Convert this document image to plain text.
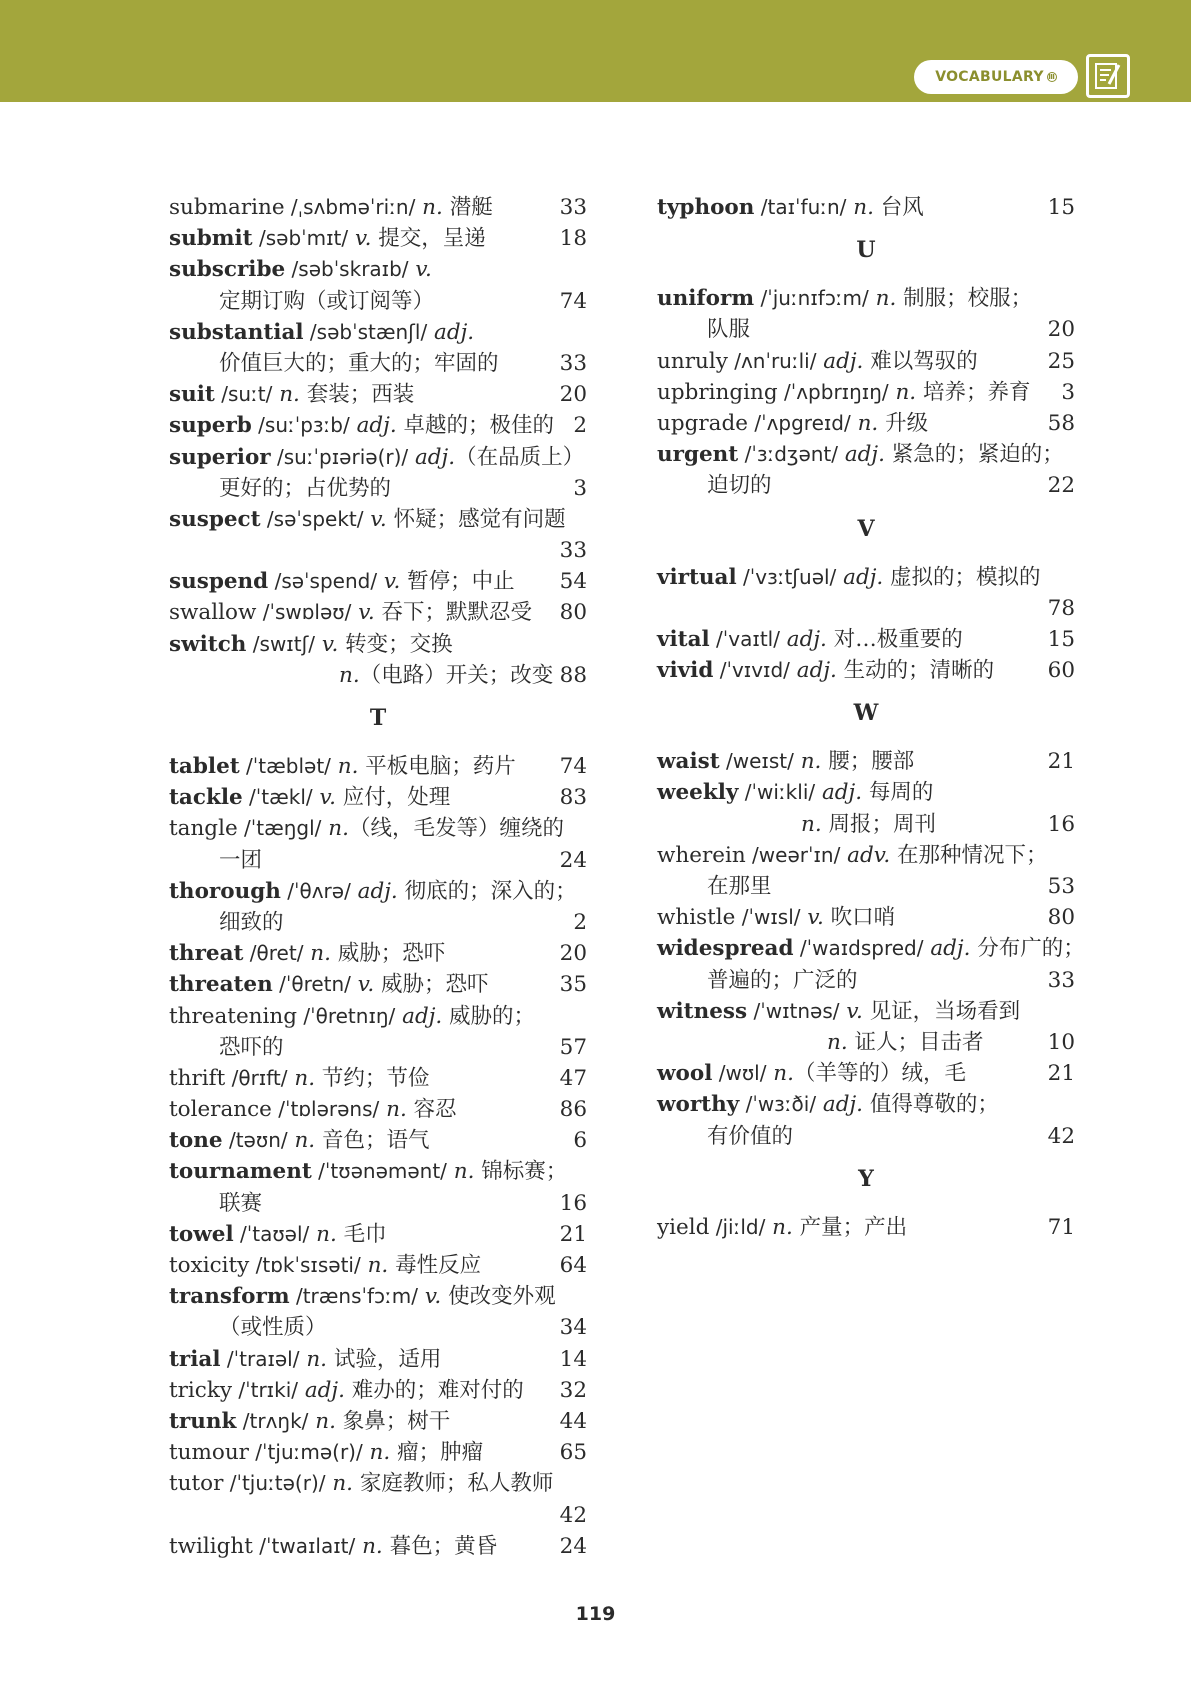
VOCABULARY Ⅲ
submarine /ˌsʌbməˈriːn/ n. 潜艇	33
submit /səbˈmɪt/ v. 提交，呈递	18
subscribe /səbˈskraɪb/ v.
定期订购（或订阅等）	74
substantial /səbˈstænʃl/ adj.
价值巨大的；重大的；牢固的	33
suit /suːt/ n. 套装；西装	20
superb /suːˈpɜːb/ adj. 卓越的；极佳的 2
superior /suːˈpɪəriə(r)/ adj.（在品质上）
更好的；占优势的	3
suspect /səˈspekt/ v. 怀疑；感觉有问题
33
suspend /səˈspend/ v. 暂停；中止 54
swallow /ˈswɒləʊ/ v. 吞下；默默忍受 80
switch /swɪtʃ/ v. 转变；交换
n.（电路）开关；改变 88
T
tablet /ˈtæblət/ n. 平板电脑；药片 74
tackle /ˈtækl/ v. 应付，处理	83
tangle /ˈtæŋgl/ n.（线，毛发等）缠绕的
一团	24
thorough /ˈθʌrə/ adj. 彻底的；深入的；
细致的	2
threat /θret/ n. 威胁；恐吓	20
threaten /ˈθretn/ v. 威胁；恐吓	35
threatening /ˈθretnɪŋ/ adj. 威胁的；
恐吓的	57
thrift /θrɪft/ n. 节约；节俭	47
tolerance /ˈtɒlərəns/ n. 容忍	86
tone /təʊn/ n. 音色；语气	6
tournament /ˈtʊənəmənt/ n. 锦标赛；
联赛	16
towel /ˈtaʊəl/ n. 毛巾	21
toxicity /tɒkˈsɪsəti/ n. 毒性反应	64
transform /trænsˈfɔːm/ v. 使改变外观
（或性质）	34
trial /ˈtraɪəl/ n. 试验，适用	14
tricky /ˈtrɪki/ adj. 难办的；难对付的 32
trunk /trʌŋk/ n. 象鼻；树干	44
tumour /ˈtjuːmə(r)/ n. 瘤；肿瘤	65
tutor /ˈtjuːtə(r)/ n. 家庭教师；私人教师
42
twilight /ˈtwaɪlaɪt/ n. 暮色；黄昏	24
typhoon /taɪˈfuːn/ n. 台风	15
U
uniform /ˈjuːnɪfɔːm/ n. 制服；校服；
队服	20
unruly /ʌnˈruːli/ adj. 难以驾驭的	25
upbringing /ˈʌpbrɪŋɪŋ/ n. 培养；养育 3
upgrade /ˈʌpgreɪd/ n. 升级	58
urgent /ˈɜːdʒənt/ adj. 紧急的；紧迫的；
迫切的	22
V
virtual /ˈvɜːtʃuəl/ adj. 虚拟的；模拟的
78
vital /ˈvaɪtl/ adj. 对…极重要的	15
vivid /ˈvɪvɪd/ adj. 生动的；清晰的 60
W
waist /weɪst/ n. 腰；腰部	21
weekly /ˈwiːkli/ adj. 每周的
n. 周报；周刊	16
wherein /weərˈɪn/ adv. 在那种情况下；
在那里	53
whistle /ˈwɪsl/ v. 吹口哨	80
widespread /ˈwaɪdspred/ adj. 分布广的；
普遍的；广泛的	33
witness /ˈwɪtnəs/ v. 见证，当场看到
n. 证人；目击者	10
wool /wʊl/ n.（羊等的）绒，毛	21
worthy /ˈwɜːði/ adj. 值得尊敬的；
有价值的	42
Y
yield /jiːld/ n. 产量；产出	71
119
